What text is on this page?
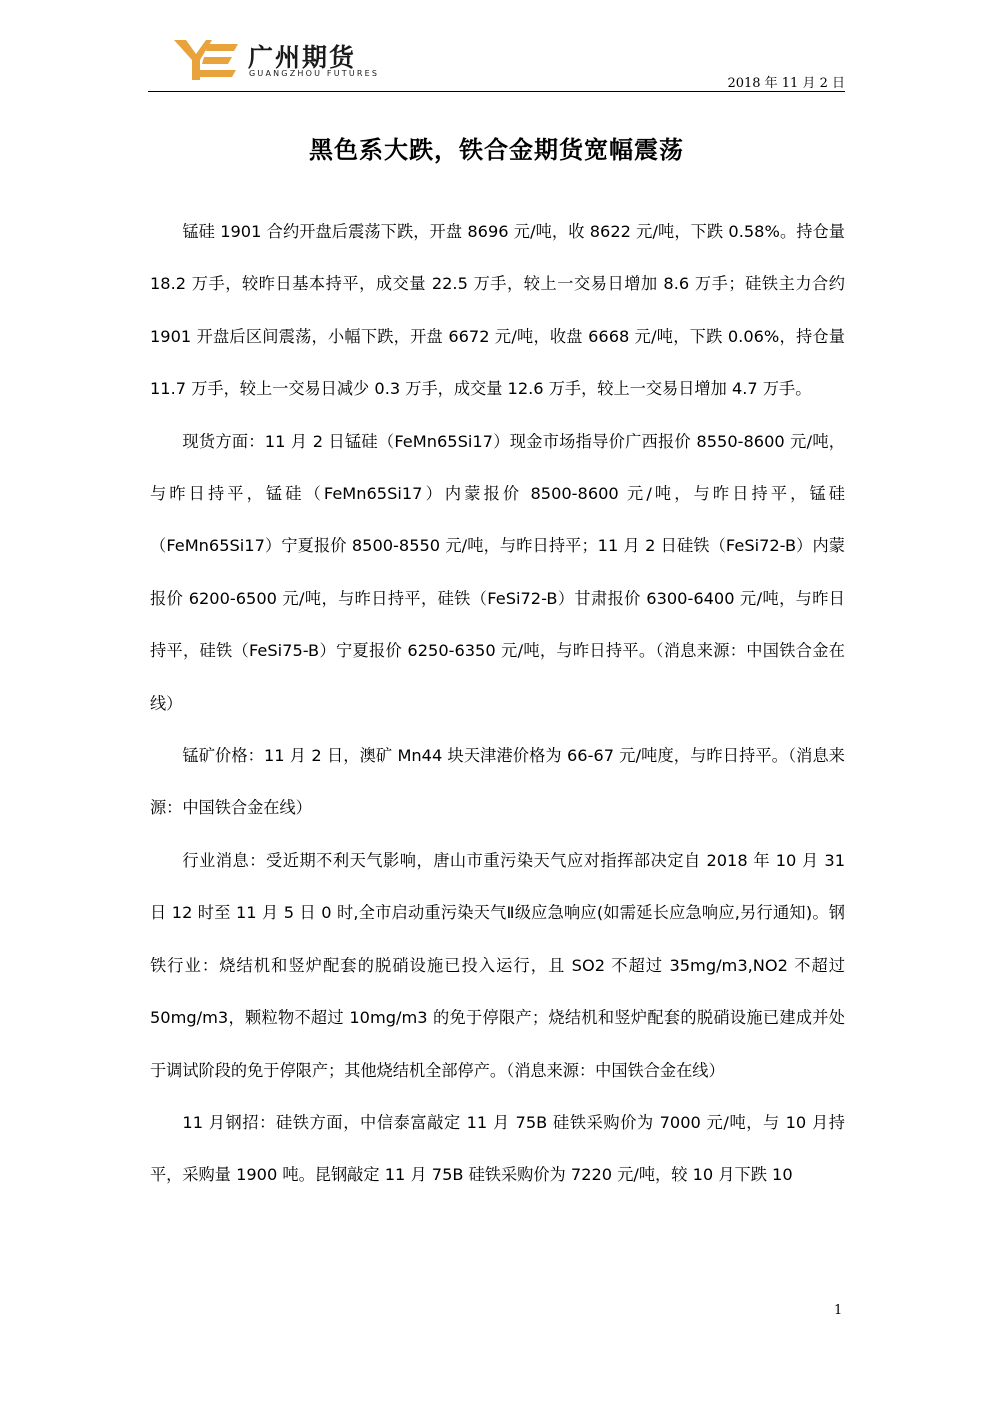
广州期货
GUANGZHOU FUTURES
2018 年 11 月 2 日
黑色系大跌，铁合金期货宽幅震荡

锰硅 1901 合约开盘后震荡下跌，开盘 8696 元/吨，收 8622 元/吨，下跌 0.58%。持仓量 18.2 万手，较昨日基本持平，成交量 22.5 万手，较上一交易日增加 8.6 万手；硅铁主力合约 1901 开盘后区间震荡，小幅下跌，开盘 6672 元/吨，收盘 6668 元/吨，下跌 0.06%，持仓量 11.7 万手，较上一交易日减少 0.3 万手，成交量 12.6 万手，较上一交易日增加 4.7 万手。

现货方面：11 月 2 日锰硅（FeMn65Si17）现金市场指导价广西报价 8550-8600 元/吨，与昨日持平，锰硅（FeMn65Si17）内蒙报价 8500-8600 元/吨，与昨日持平，锰硅（FeMn65Si17）宁夏报价 8500-8550 元/吨，与昨日持平；11 月 2 日硅铁（FeSi72-B）内蒙报价 6200-6500 元/吨，与昨日持平，硅铁（FeSi72-B）甘肃报价 6300-6400 元/吨，与昨日持平，硅铁（FeSi75-B）宁夏报价 6250-6350 元/吨，与昨日持平。（消息来源：中国铁合金在线）

锰矿价格：11 月 2 日，澳矿 Mn44 块天津港价格为 66-67 元/吨度，与昨日持平。（消息来源：中国铁合金在线）

行业消息：受近期不利天气影响，唐山市重污染天气应对指挥部决定自 2018 年 10 月 31 日 12 时至 11 月 5 日 0 时,全市启动重污染天气Ⅱ级应急响应(如需延长应急响应,另行通知)。钢铁行业：烧结机和竖炉配套的脱硝设施已投入运行，且 SO2 不超过 35mg/m3,NO2 不超过 50mg/m3，颗粒物不超过 10mg/m3 的免于停限产；烧结机和竖炉配套的脱硝设施已建成并处于调试阶段的免于停限产；其他烧结机全部停产。（消息来源：中国铁合金在线）

11 月钢招：硅铁方面，中信泰富敲定 11 月 75B 硅铁采购价为 7000 元/吨，与 10 月持平，采购量 1900 吨。昆钢敲定 11 月 75B 硅铁采购价为 7220 元/吨，较 10 月下跌 10

1
